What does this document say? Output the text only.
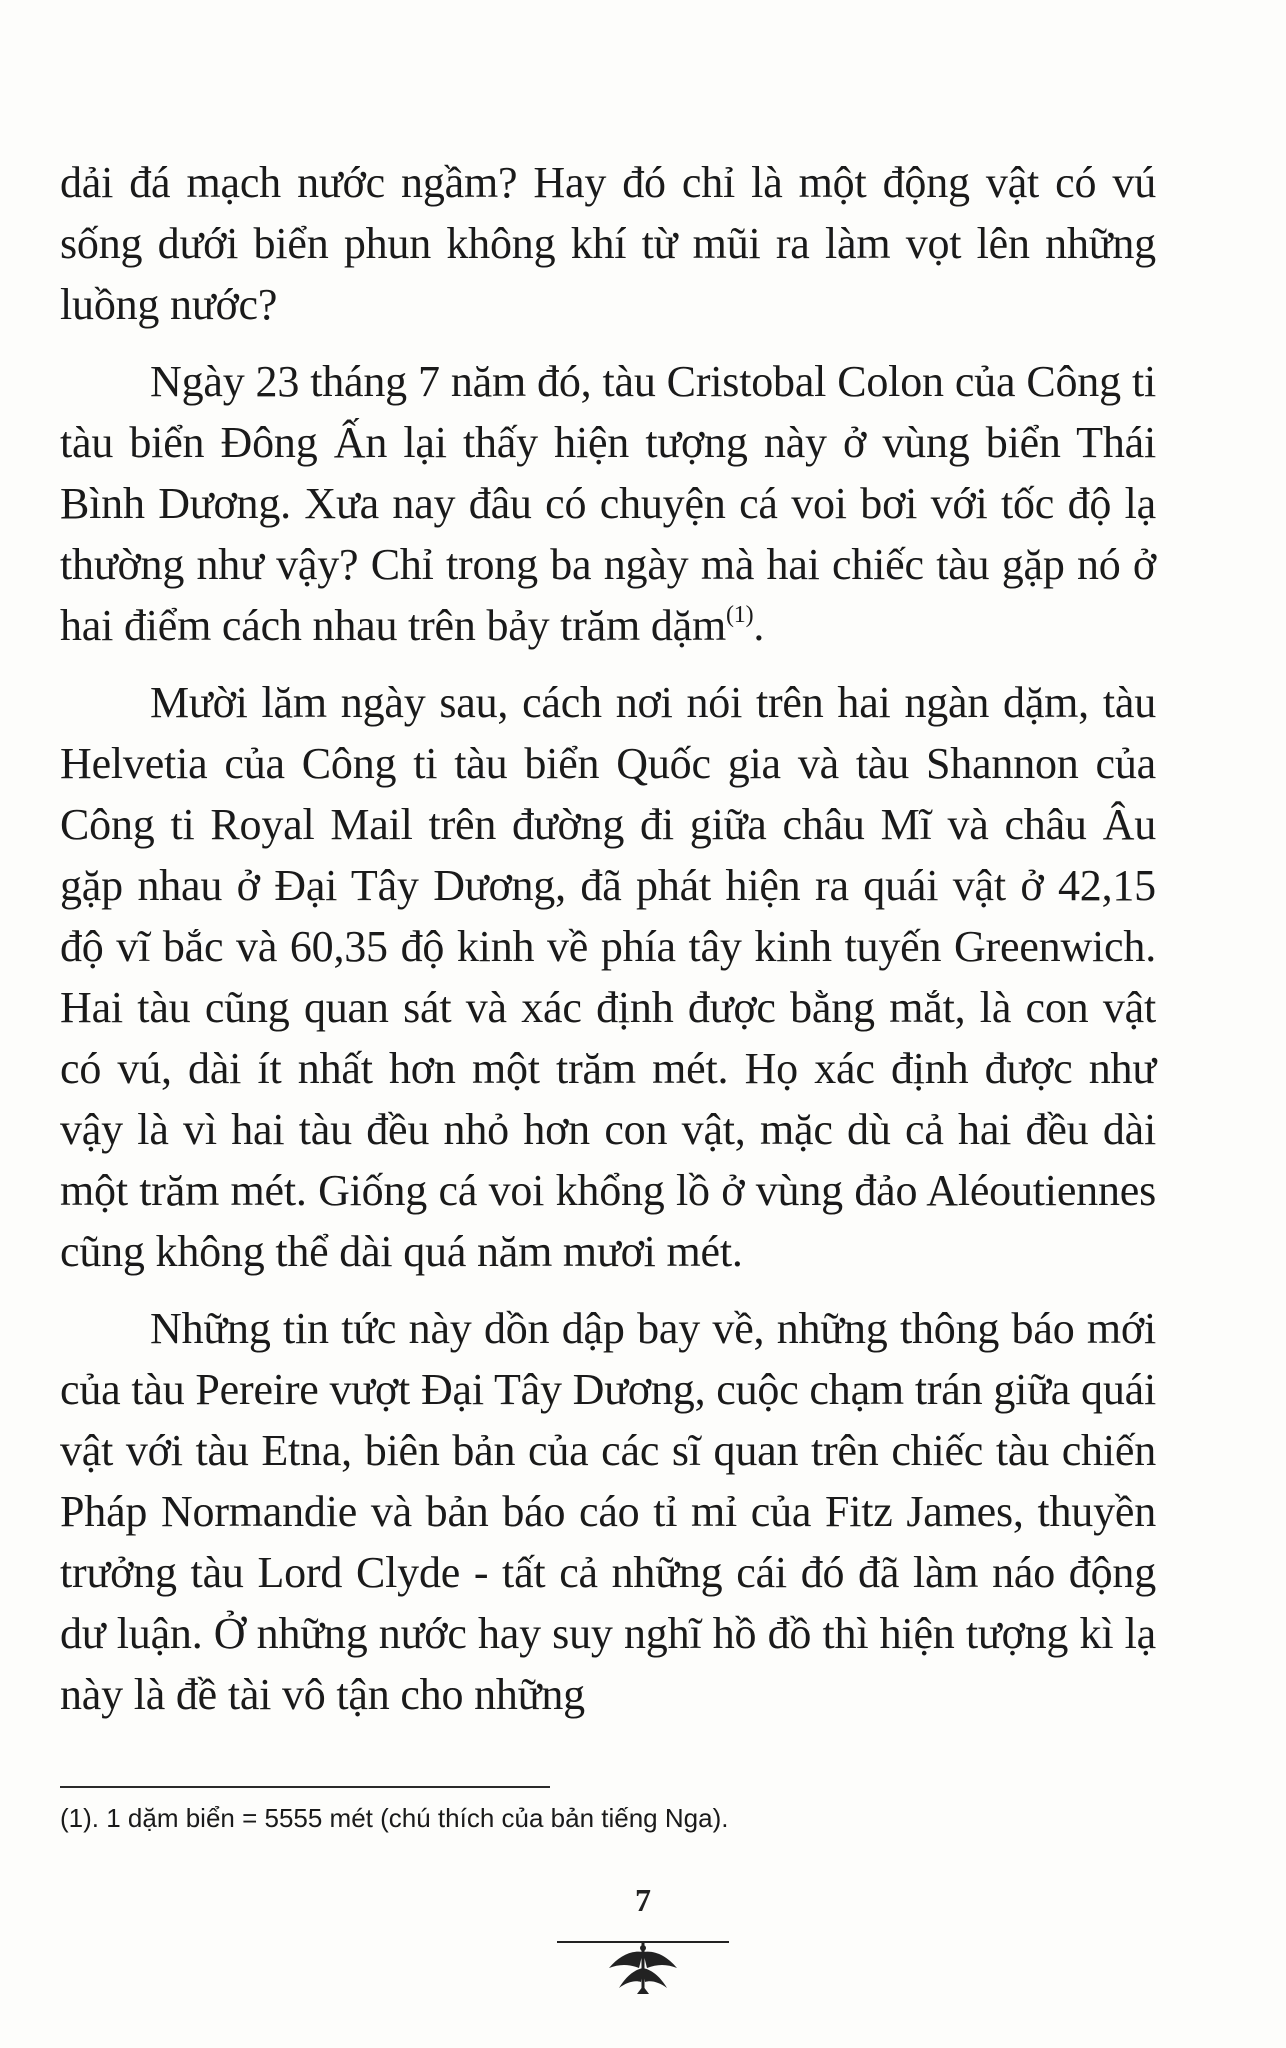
dải đá mạch nước ngầm? Hay đó chỉ là một động vật có vú sống dưới biển phun không khí từ mũi ra làm vọt lên những luồng nước?

Ngày 23 tháng 7 năm đó, tàu Cristobal Colon của Công ti tàu biển Đông Ấn lại thấy hiện tượng này ở vùng biển Thái Bình Dương. Xưa nay đâu có chuyện cá voi bơi với tốc độ lạ thường như vậy? Chỉ trong ba ngày mà hai chiếc tàu gặp nó ở hai điểm cách nhau trên bảy trăm dặm$^{(1)}$.

Mười lăm ngày sau, cách nơi nói trên hai ngàn dặm, tàu Helvetia của Công ti tàu biển Quốc gia và tàu Shannon của Công ti Royal Mail trên đường đi giữa châu Mĩ và châu Âu gặp nhau ở Đại Tây Dương, đã phát hiện ra quái vật ở 42,15 độ vĩ bắc và 60,35 độ kinh về phía tây kinh tuyến Greenwich. Hai tàu cũng quan sát và xác định được bằng mắt, là con vật có vú, dài ít nhất hơn một trăm mét. Họ xác định được như vậy là vì hai tàu đều nhỏ hơn con vật, mặc dù cả hai đều dài một trăm mét. Giống cá voi khổng lồ ở vùng đảo Aléoutiennes cũng không thể dài quá năm mươi mét.

Những tin tức này dồn dập bay về, những thông báo mới của tàu Pereire vượt Đại Tây Dương, cuộc chạm trán giữa quái vật với tàu Etna, biên bản của các sĩ quan trên chiếc tàu chiến Pháp Normandie và bản báo cáo tỉ mỉ của Fitz James, thuyền trưởng tàu Lord Clyde - tất cả những cái đó đã làm náo động dư luận. Ở những nước hay suy nghĩ hồ đồ thì hiện tượng kì lạ này là đề tài vô tận cho những

(1). 1 dặm biển = 5555 mét (chú thích của bản tiếng Nga).
7
